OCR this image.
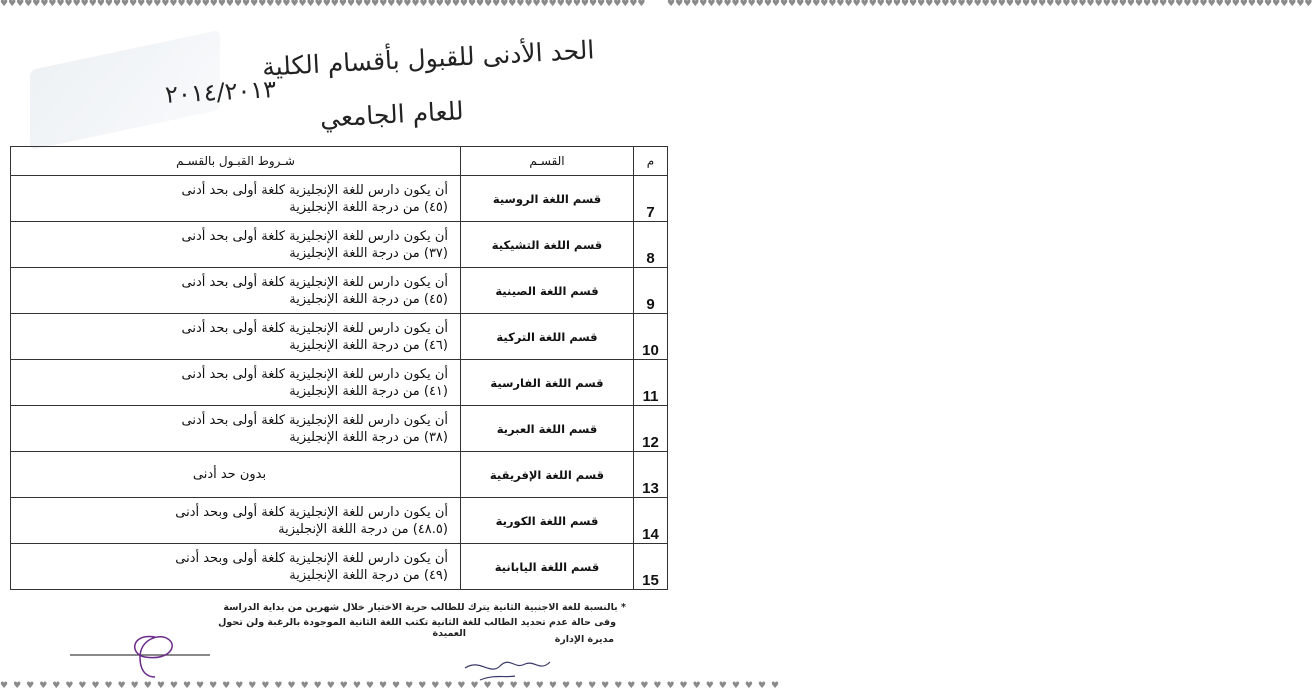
♥♥♥♥♥♥♥♥♥♥♥♥♥♥♥♥♥♥♥♥♥♥♥♥♥♥♥♥♥♥♥♥♥♥♥♥♥♥♥♥♥♥♥♥♥♥♥♥♥♥♥♥♥♥♥♥♥♥♥♥♥♥♥♥♥♥♥♥♥♥♥♥♥♥♥♥♥♥♥♥ ♥♥♥♥♥♥♥♥♥♥♥♥♥♥♥♥♥♥♥♥♥♥♥♥♥♥♥♥♥♥♥♥♥♥♥♥♥♥♥♥♥♥♥♥♥♥♥♥♥♥♥♥♥♥♥♥♥♥♥♥♥♥♥♥♥♥♥♥♥♥♥♥♥♥♥♥♥♥♥♥
♥♥♥♥♥♥♥♥♥♥♥♥♥♥♥♥♥♥♥♥♥♥♥♥♥♥♥♥♥♥♥♥♥♥♥♥♥♥♥♥♥♥♥♥♥♥♥♥♥♥♥♥♥♥♥♥♥♥♥♥
الحد الأدنى للقبول بأقسام الكلية
٢٠١٤/٢٠١٣
للعام الجامعي
م	القسـم	شـروط القبـول بالقسـم
7	قسم اللغة الروسية	أن يكون دارس للغة الإنجليزية كلغة أولى بحد أدنى
(٤٥) من درجة اللغة الإنجليزية

8	قسم اللغة التشيكية	أن يكون دارس للغة الإنجليزية كلغة أولى بحد أدنى
(٣٧) من درجة اللغة الإنجليزية

9	قسم اللغة الصينية	أن يكون دارس للغة الإنجليزية كلغة أولى بحد أدنى
(٤٥) من درجة اللغة الإنجليزية

10	قسم اللغة التركية	أن يكون دارس للغة الإنجليزية كلغة أولى بحد أدنى
(٤٦) من درجة اللغة الإنجليزية

11	قسم اللغة الفارسية	أن يكون دارس للغة الإنجليزية كلغة أولى بحد أدنى
(٤١) من درجة اللغة الإنجليزية

12	قسم اللغة العبرية	أن يكون دارس للغة الإنجليزية كلغة أولى بحد أدنى
(٣٨) من درجة اللغة الإنجليزية

13	قسم اللغة الإفريقية	بدون حد أدنى

14	قسم اللغة الكورية	أن يكون دارس للغة الإنجليزية كلغة أولى وبحد أدنى
(٤٨.٥) من درجة اللغة الإنجليزية

15	قسم اللغة اليابانية	أن يكون دارس للغة الإنجليزية كلغة أولى وبحد أدنى
(٤٩) من درجة اللغة الإنجليزية
* بالنسبة للغة الاجنبية الثانية يترك للطالب حرية الاختيار خلال شهرين من بداية الدراسة
وفى حالة عدم تحديد الطالب للغة الثانية تكتب اللغة الثانية الموجودة بالرغبة ولن تحول
العميدة
مديرة الإدارة
